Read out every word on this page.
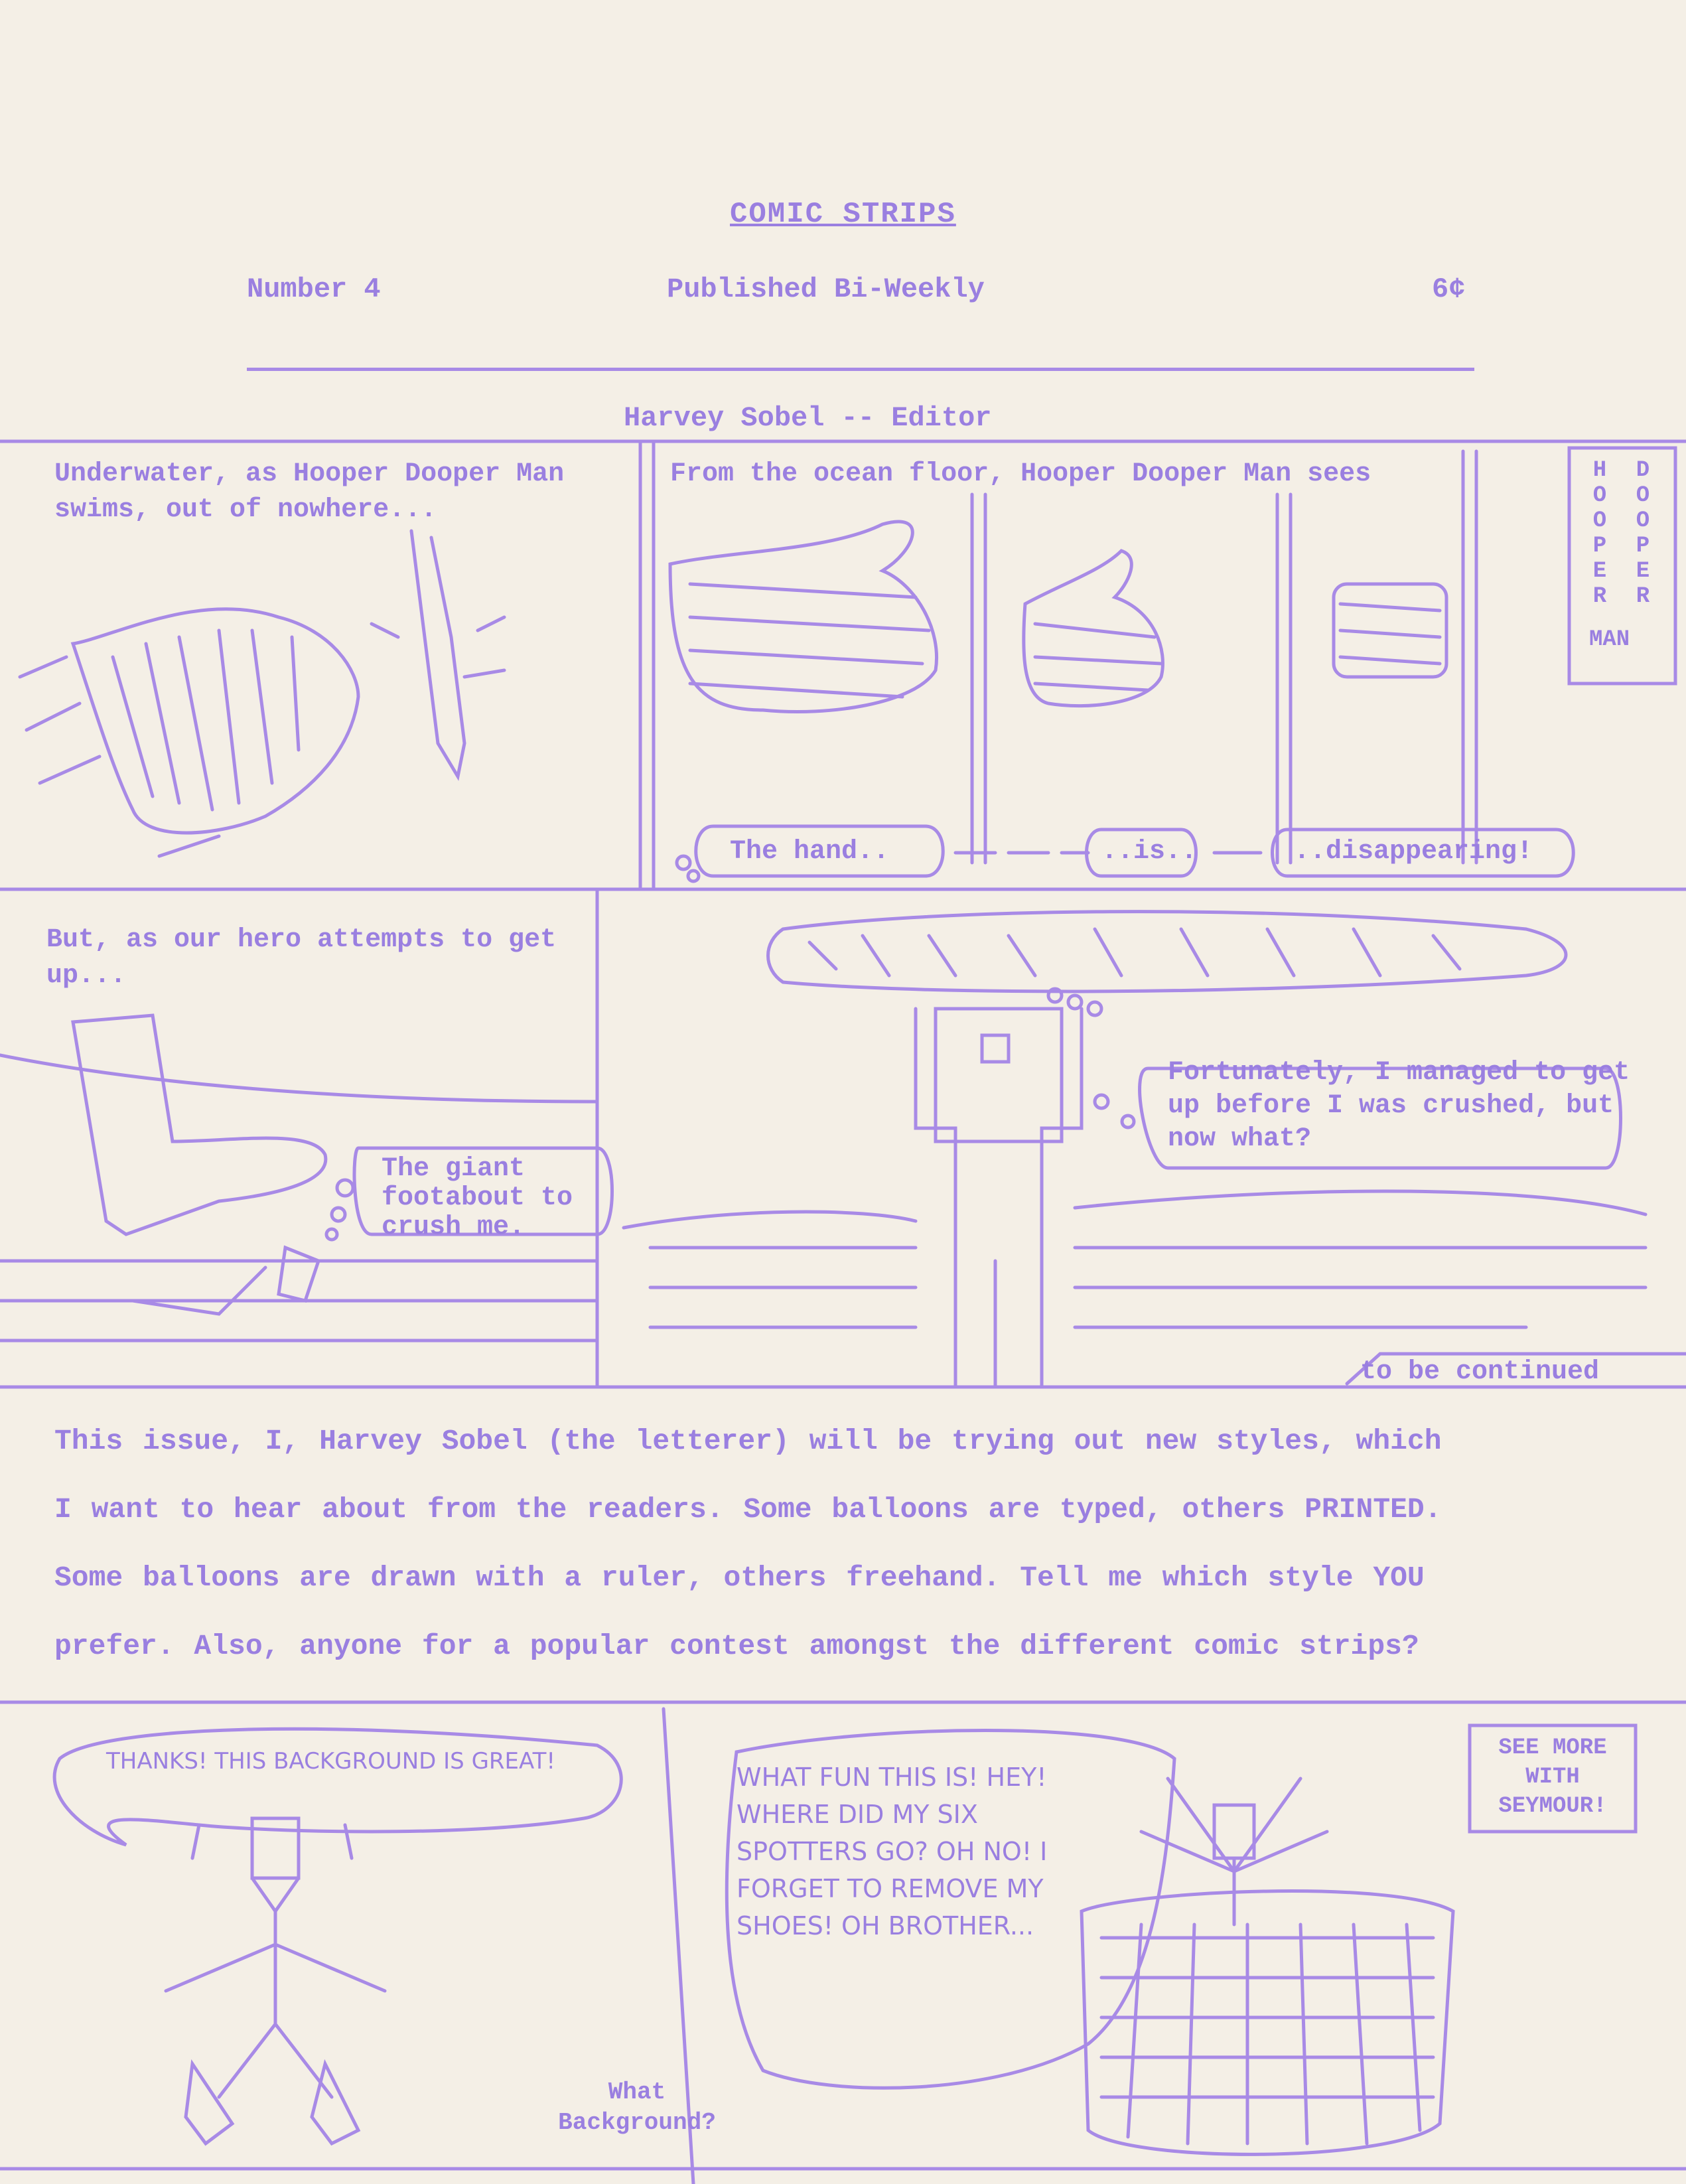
COMIC STRIPS
Number 4	Published Bi-Weekly	6¢
Harvey Sobel -- Editor
Underwater, as Hooper Dooper Man swims, out of nowhere...
From the ocean floor, Hooper Dooper Man sees	HOOPER DOOPER
MAN
The hand..	..is..	..disappearing!
But, as our hero attempts to get up...
The giant footabout to crush me.
Fortunately, I managed to get up before I was crushed, but now what?
to be continued
This issue, I, Harvey Sobel (the letterer) will be trying out new styles, which
I want to hear about from the readers. Some balloons are typed, others PRINTED.
Some balloons are drawn with a ruler, others freehand. Tell me which style YOU
prefer. Also, anyone for a popular contest amongst the different comic strips?
THANKS! THIS BACKGROUND IS GREAT!
What Background?
WHAT FUN THIS IS! HEY! WHERE DID MY SIX SPOTTERS GO? OH NO! I FORGET TO REMOVE MY SHOES! OH BROTHER...
SEE MORE WITH SEYMOUR!
